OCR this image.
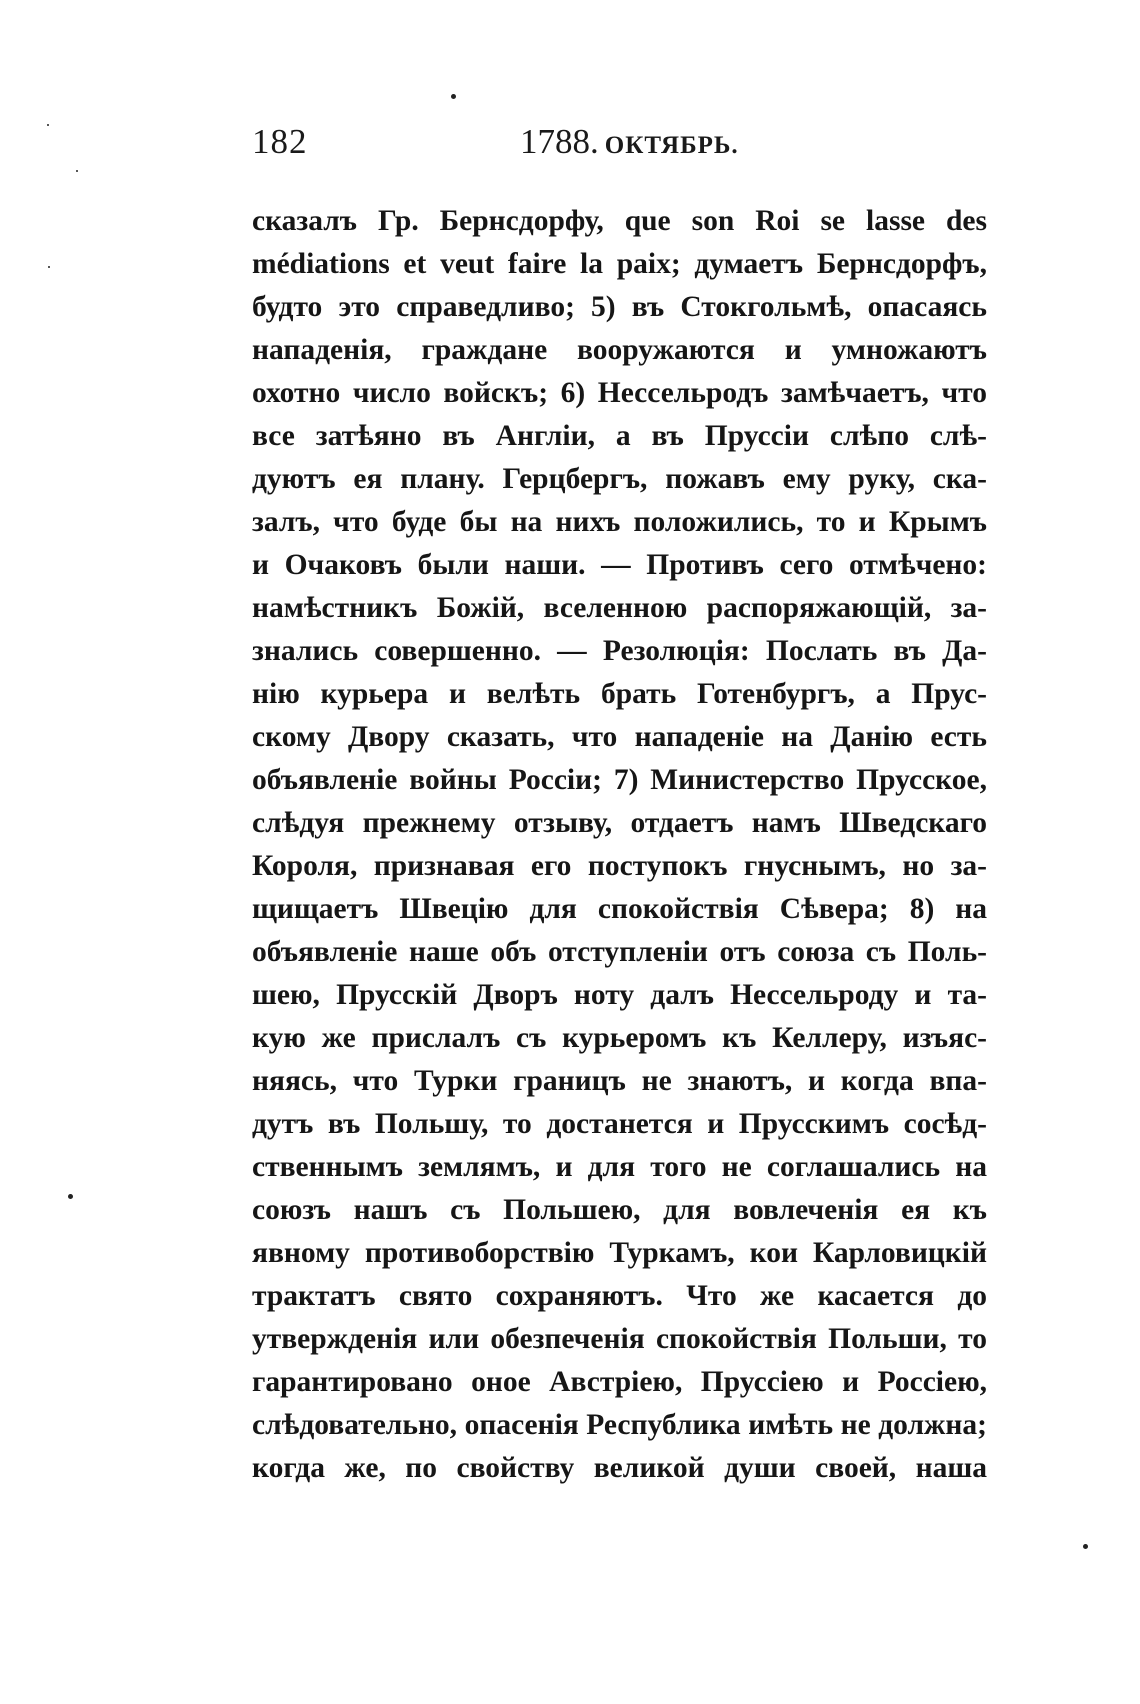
182	1788. ОКТЯБРЬ.
сказалъ Гр. Бернсдорфу, que son Roi se lasse des
médiations et veut faire la paix; думаетъ Бернсдорфъ,
будто это справедливо; 5) въ Стокгольмѣ, опасаясь
нападенія, граждане вооружаются и умножаютъ
охотно число войскъ; 6) Нессельродъ замѣчаетъ, что
все затѣяно въ Англіи, а въ Пруссіи слѣпо слѣ-
дуютъ ея плану. Герцбергъ, пожавъ ему руку, ска-
залъ, что буде бы на нихъ положились, то и Крымъ
и Очаковъ были наши. — Противъ сего отмѣчено:
намѣстникъ Божій, вселенною распоряжающій, за-
знались совершенно. — Резолюція: Послать въ Да-
нію курьера и велѣть брать Готенбургъ, а Прус-
скому Двору сказать, что нападеніе на Данію есть
объявленіе войны Россіи; 7) Министерство Прусское,
слѣдуя прежнему отзыву, отдаетъ намъ Шведскаго
Короля, признавая его поступокъ гнуснымъ, но за-
щищаетъ Швецію для спокойствія Сѣвера; 8) на
объявленіе наше объ отступленіи отъ союза съ Поль-
шею, Прусскій Дворъ ноту далъ Нессельроду и та-
кую же прислалъ съ курьеромъ къ Келлеру, изъяс-
няясь, что Турки границъ не знаютъ, и когда впа-
дутъ въ Польшу, то достанется и Прусскимъ сосѣд-
ственнымъ землямъ, и для того не соглашались на
союзъ нашъ съ Польшею, для вовлеченія ея къ
явному противоборствію Туркамъ, кои Карловицкій
трактатъ свято сохраняютъ. Что же касается до
утвержденія или обезпеченія спокойствія Польши, то
гарантировано оное Австріею, Пруссіею и Россіею,
слѣдовательно, опасенія Республика имѣть не должна;
когда же, по свойству великой души своей, наша
